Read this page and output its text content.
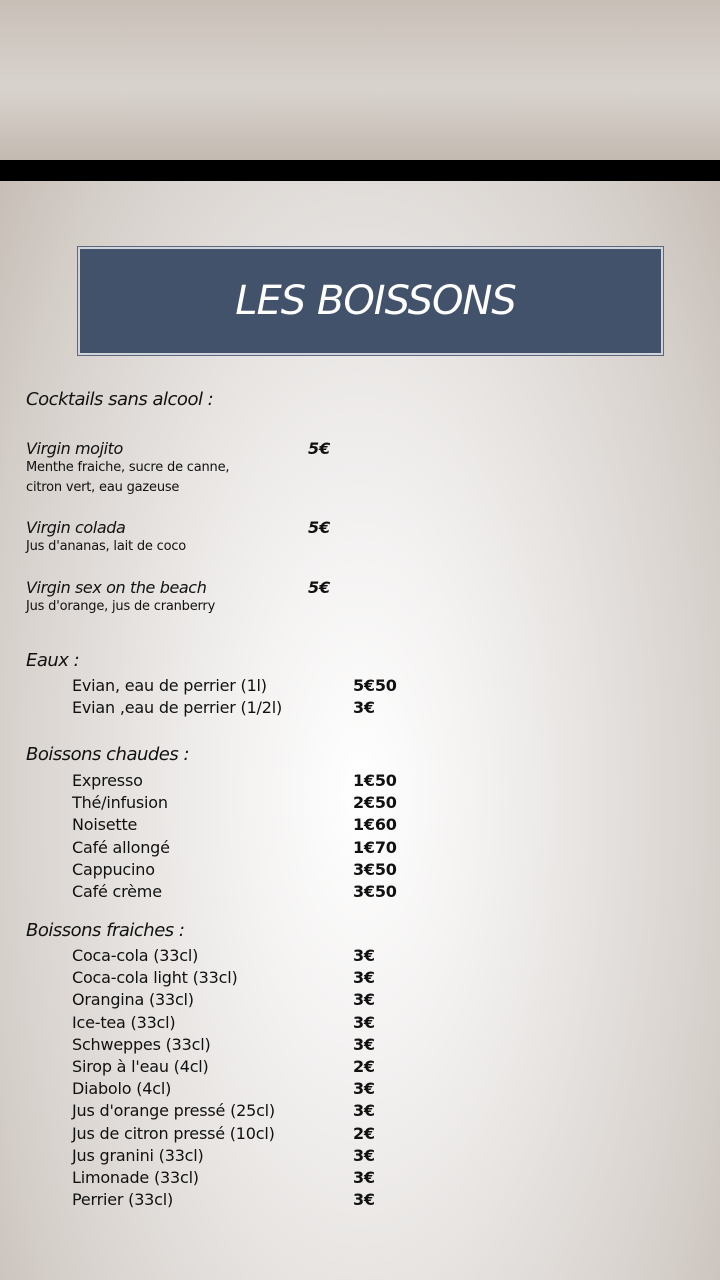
LES BOISSONS
Cocktails sans alcool :
Virgin mojito	5€
Menthe fraiche, sucre de canne,
citron vert, eau gazeuse
Virgin colada	5€
Jus d'ananas, lait de coco
Virgin sex on the beach	5€
Jus d'orange, jus de cranberry
Eaux :
Evian, eau de perrier (1l)	5€50
Evian ,eau de perrier (1/2l)	3€
Boissons chaudes :
Expresso	1€50
Thé/infusion	2€50
Noisette	1€60
Café allongé	1€70
Cappucino	3€50
Café crème	3€50
Boissons fraiches :
Coca-cola (33cl)	3€
Coca-cola light (33cl)	3€
Orangina (33cl)	3€
Ice-tea (33cl)	3€
Schweppes (33cl)	3€
Sirop à l'eau (4cl)	2€
Diabolo (4cl)	3€
Jus d'orange pressé (25cl)	3€
Jus de citron pressé (10cl)	2€
Jus granini (33cl)	3€
Limonade (33cl)	3€
Perrier (33cl)	3€
